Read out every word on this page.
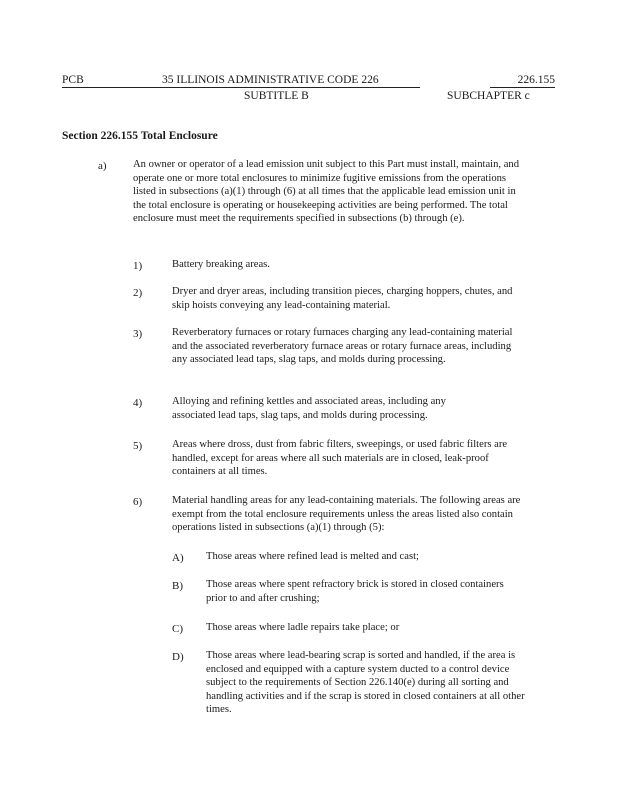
PCB	35 ILLINOIS ADMINISTRATIVE CODE 226
SUBTITLE B
226.155
SUBCHAPTER c
Section 226.155 Total Enclosure
a) An owner or operator of a lead emission unit subject to this Part must install, maintain, and operate one or more total enclosures to minimize fugitive emissions from the operations listed in subsections (a)(1) through (6) at all times that the applicable lead emission unit in the total enclosure is operating or housekeeping activities are being performed. The total enclosure must meet the requirements specified in subsections (b) through (e).
1)	Battery breaking areas.
2)	Dryer and dryer areas, including transition pieces, charging hoppers, chutes, and skip hoists conveying any lead-containing material.
3)	Reverberatory furnaces or rotary furnaces charging any lead-containing material and the associated reverberatory furnace areas or rotary furnace areas, including any associated lead taps, slag taps, and molds during processing.
4)	Alloying and refining kettles and associated areas, including any associated lead taps, slag taps, and molds during processing.
5)	Areas where dross, dust from fabric filters, sweepings, or used fabric filters are handled, except for areas where all such materials are in closed, leak-proof containers at all times.
6)	Material handling areas for any lead-containing materials. The following areas are exempt from the total enclosure requirements unless the areas listed also contain operations listed in subsections (a)(1) through (5):
A) Those areas where refined lead is melted and cast;
B) Those areas where spent refractory brick is stored in closed containers prior to and after crushing;
C) Those areas where ladle repairs take place; or
D) Those areas where lead-bearing scrap is sorted and handled, if the area is enclosed and equipped with a capture system ducted to a control device subject to the requirements of Section 226.140(e) during all sorting and handling activities and if the scrap is stored in closed containers at all other times.
